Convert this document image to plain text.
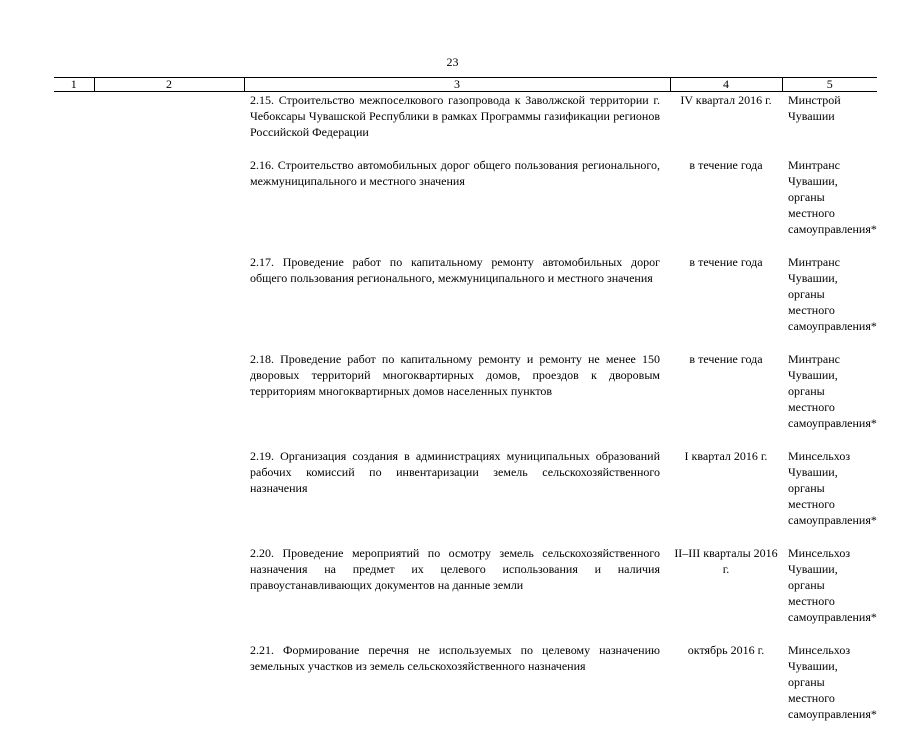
23
1	2	3	4	5
		2.15. Строительство межпоселкового газопровода к Заволжской территории г. Чебоксары Чувашской Республики в рамках Программы газификации регионов Российской Федерации	IV квартал 2016 г.	Минстрой Чувашии
		2.16. Строительство автомобильных дорог общего пользования регионального, межмуниципального и местного значения	в течение года	Минтранс Чувашии, органы местного самоуправления*
		2.17. Проведение работ по капитальному ремонту автомобильных дорог общего пользования регионального, межмуниципального и местного значения	в течение года	Минтранс Чувашии, органы местного самоуправления*
		2.18. Проведение работ по капитальному ремонту и ремонту не менее 150 дворовых территорий многоквартирных домов, проездов к дворовым территориям многоквартирных домов населенных пунктов	в течение года	Минтранс Чувашии, органы местного самоуправления*
		2.19. Организация создания в администрациях муниципальных образований рабочих комиссий по инвентаризации земель сельскохозяйственного назначения	I квартал 2016 г.	Минсельхоз Чувашии, органы местного самоуправления*
		2.20. Проведение мероприятий по осмотру земель сельскохозяйственного назначения на предмет их целевого использования и наличия правоустанавливающих документов на данные земли	II–III кварталы 2016 г.	Минсельхоз Чувашии, органы местного самоуправления*
		2.21. Формирование перечня не используемых по целевому назначению земельных участков из земель сельскохозяйственного назначения	октябрь 2016 г.	Минсельхоз Чувашии, органы местного самоуправления*
